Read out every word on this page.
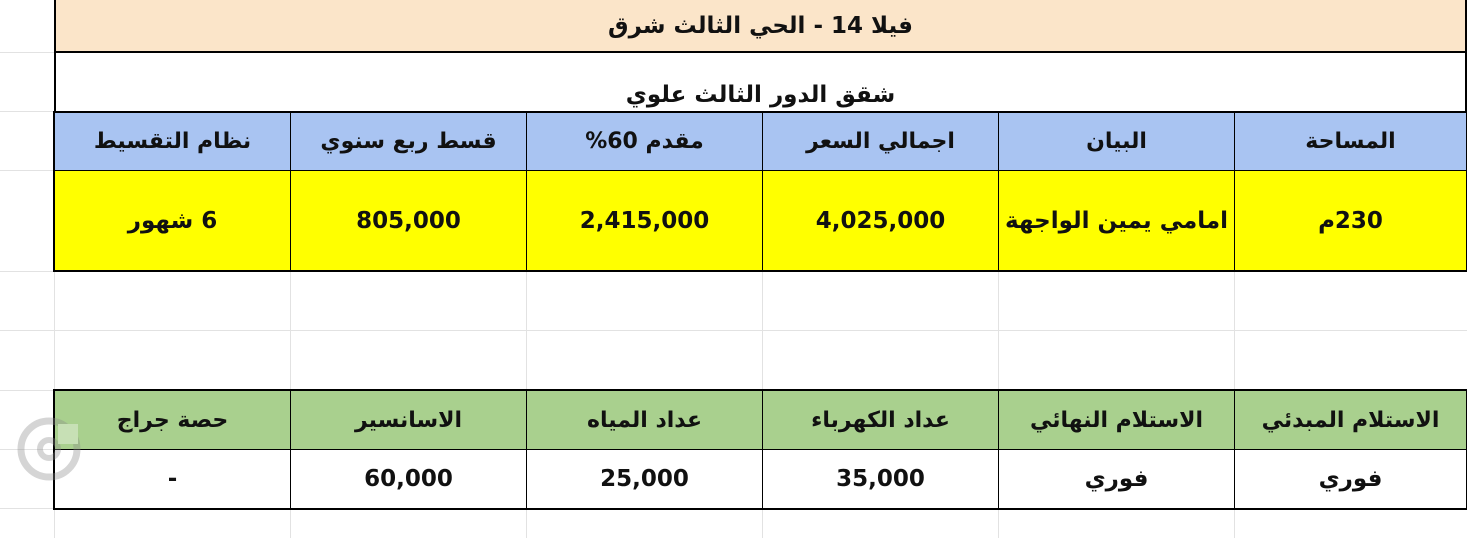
فيلا 14 - الحي الثالث شرق
شقق الدور الثالث علوي
المساحة
البيان
اجمالي السعر
مقدم 60%
قسط ربع سنوي
نظام التقسيط
230م
امامي يمين الواجهة
4,025,000
2,415,000
805,000
6 شهور
الاستلام المبدئي
الاستلام النهائي
عداد الكهرباء
عداد المياه
الاسانسير
حصة جراج
فوري
فوري
35,000
25,000
60,000
-
